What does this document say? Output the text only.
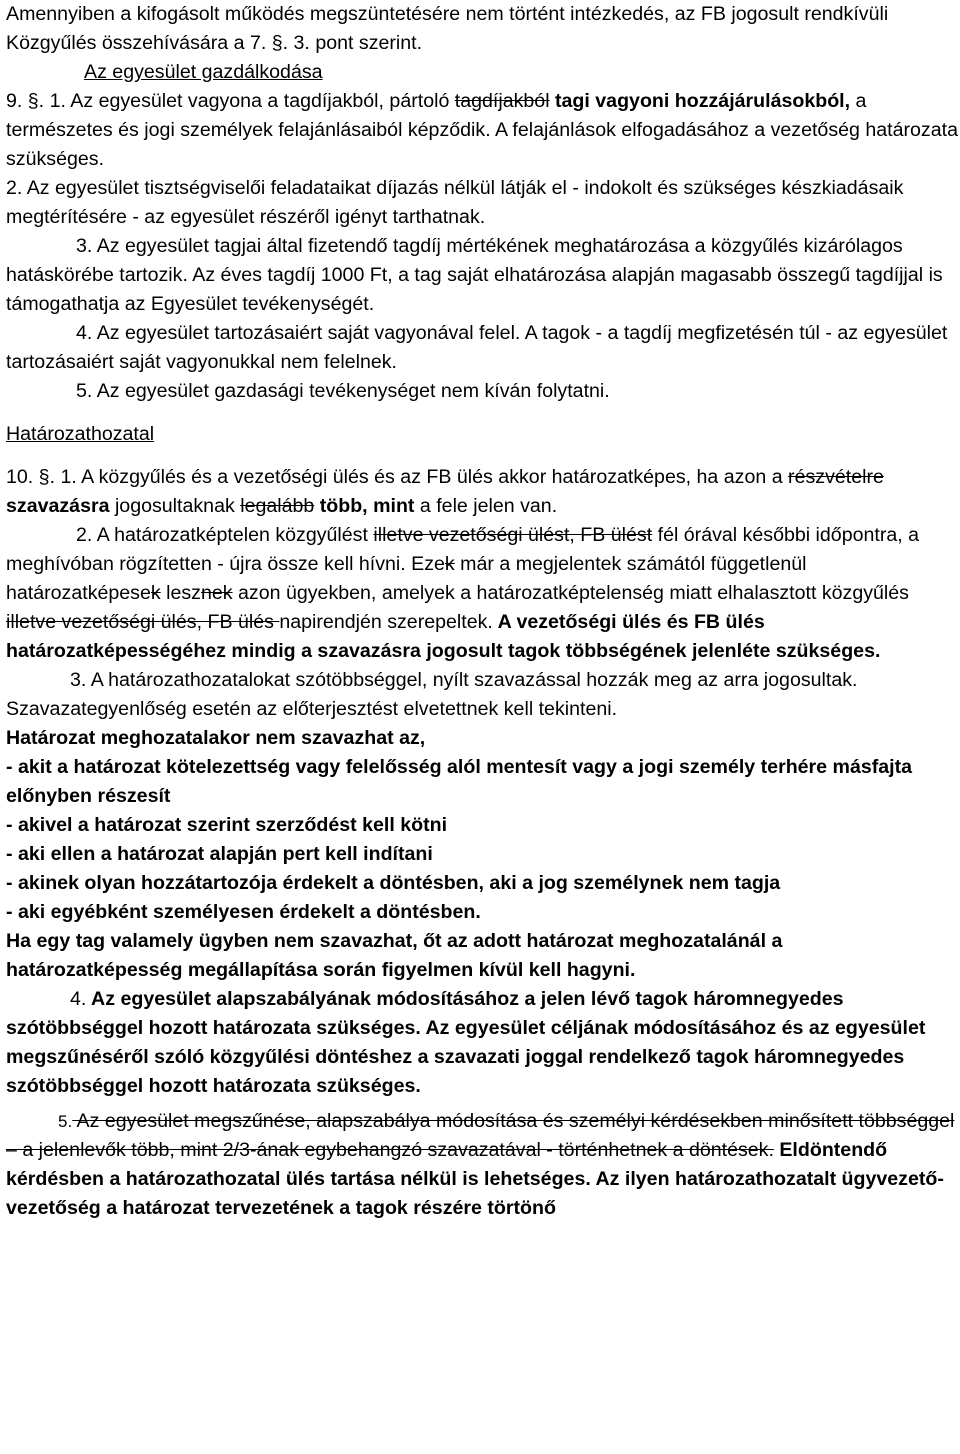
Amennyiben a kifogásolt működés megszüntetésére nem történt intézkedés, az FB jogosult rendkívüli Közgyűlés összehívására a 7. §. 3. pont szerint.

Az egyesület gazdálkodása

9. §. 1. Az egyesület vagyona a tagdíjakból, pártoló tagdíjakból tagi vagyoni hozzájárulásokból, a természetes és jogi személyek felajánlásaiból képződik. A felajánlások elfogadásához a vezetőség határozata szükséges.

2. Az egyesület tisztségviselői feladataikat díjazás nélkül látják el - indokolt és szükséges készkiadásaik megtérítésére - az egyesület részéről igényt tarthatnak.

3. Az egyesület tagjai által fizetendő tagdíj mértékének meghatározása a közgyűlés kizárólagos hatáskörébe tartozik. Az éves tagdíj 1000 Ft, a tag saját elhatározása alapján magasabb összegű tagdíjjal is támogathatja az Egyesület tevékenységét.

4. Az egyesület tartozásaiért saját vagyonával felel. A tagok - a tagdíj megfizetésén túl - az egyesület tartozásaiért saját vagyonukkal nem felelnek.

5. Az egyesület gazdasági tevékenységet nem kíván folytatni.

Határozathozatal

10. §. 1. A közgyűlés és a vezetőségi ülés és az FB ülés akkor határozatképes, ha azon a részvételre szavazásra jogosultaknak legalább több, mint a fele jelen van.

2. A határozatképtelen közgyűlést illetve vezetőségi ülést, FB ülést fél órával későbbi időpontra, a meghívóban rögzítetten - újra össze kell hívni. Ezek már a megjelentek számától függetlenül határozatképesek lesznek azon ügyekben, amelyek a határozatképtelenség miatt elhalasztott közgyűlés illetve vezetőségi ülés, FB ülés napirendjén szerepeltek. A vezetőségi ülés és FB ülés határozatképességéhez mindig a szavazásra jogosult tagok többségének jelenléte szükséges.

3. A határozathozatalokat szótöbbséggel, nyílt szavazással hozzák meg az arra jogosultak. Szavazategyenlőség esetén az előterjesztést elvetettnek kell tekinteni.

Határozat meghozatalakor nem szavazhat az,

- akit a határozat kötelezettség vagy felelősség alól mentesít vagy a jogi személy terhére másfajta előnyben részesít

- akivel a határozat szerint szerződést kell kötni

- aki ellen a határozat alapján pert kell indítani

- akinek olyan hozzátartozója érdekelt a döntésben, aki a jog személynek nem tagja

- aki egyébként személyesen érdekelt a döntésben.

Ha egy tag valamely ügyben nem szavazhat, őt az adott határozat meghozatalánál a határozatképesség megállapítása során figyelmen kívül kell hagyni.

4. Az egyesület alapszabályának módosításához a jelen lévő tagok háromnegyedes szótöbbséggel hozott határozata szükséges. Az egyesület céljának módosításához és az egyesület megszűnéséről szóló közgyűlési döntéshez a szavazati joggal rendelkező tagok háromnegyedes szótöbbséggel hozott határozata szükséges.

5. Az egyesület megszűnése, alapszabálya módosítása és személyi kérdésekben minősített többséggel – a jelenlevők több, mint 2/3-ának egybehangzó szavazatával - történhetnek a döntések. Eldöntendő kérdésben a határozathozatal ülés tartása nélkül is lehetséges. Az ilyen határozathozatalt ügyvezető-vezetőség a határozat tervezetének a tagok részére törtönő
